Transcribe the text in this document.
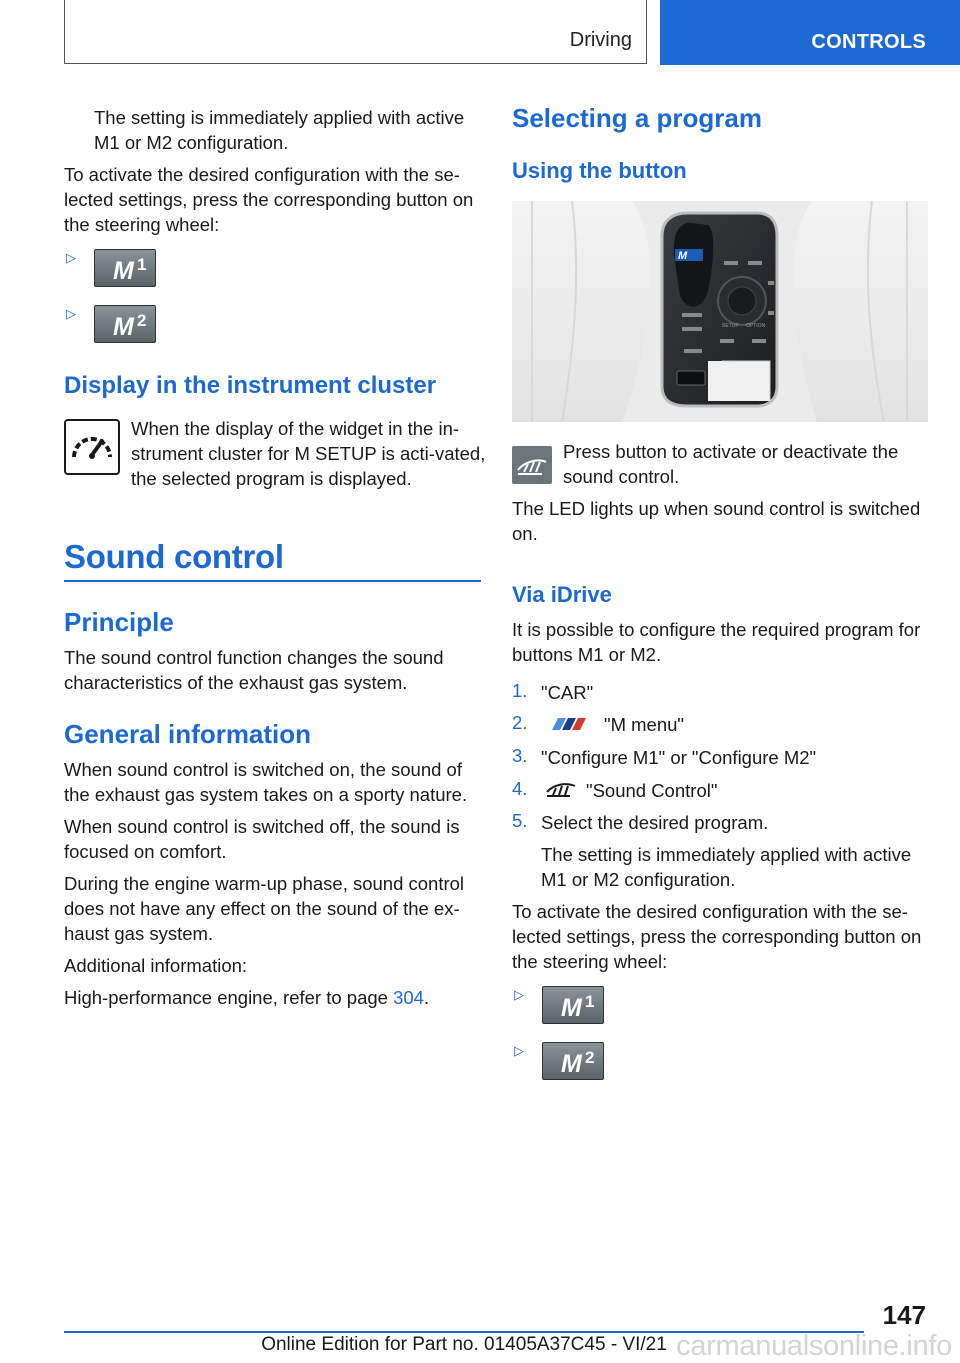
Driving	CONTROLS
The setting is immediately applied with active M1 or M2 configuration.
To activate the desired configuration with the se-lected settings, press the corresponding button on the steering wheel:
▷ M 1
▷ M 2
Display in the instrument cluster
When the display of the widget in the in-strument cluster for M SETUP is acti-vated, the selected program is displayed.
Sound control
Principle
The sound control function changes the sound characteristics of the exhaust gas system.
General information
When sound control is switched on, the sound of the exhaust gas system takes on a sporty nature.
When sound control is switched off, the sound is focused on comfort.
During the engine warm-up phase, sound control does not have any effect on the sound of the ex-haust gas system.
Additional information:
High-performance engine, refer to page 304.
Selecting a program
Using the button
M
SETUP OPTION
Press button to activate or deactivate the sound control.
The LED lights up when sound control is switched on.
Via iDrive
It is possible to configure the required program for buttons M1 or M2.
1. "CAR"
2.	"M menu"
3. "Configure M1" or "Configure M2"
4.	"Sound Control"
5. Select the desired program.
The setting is immediately applied with active M1 or M2 configuration.
To activate the desired configuration with the se-lected settings, press the corresponding button on the steering wheel:
▷ M 1
▷ M 2
147
Online Edition for Part no. 01405A37C45 - VI/21 carmanualsonline.info
